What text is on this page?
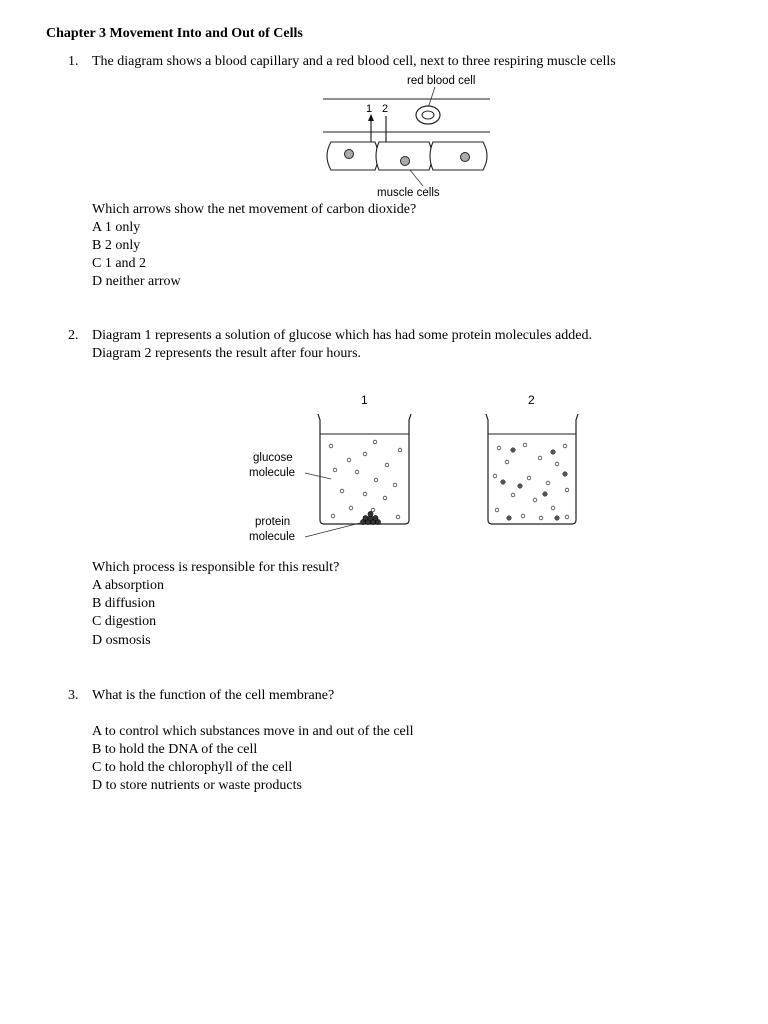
Chapter 3 Movement Into and Out of Cells
1. The diagram shows a blood capillary and a red blood cell, next to three respiring muscle cells
red blood cell
1 2
muscle cells
Which arrows show the net movement of carbon dioxide?
A 1 only
B 2 only
C 1 and 2
D neither arrow
2. Diagram 1 represents a solution of glucose which has had some protein molecules added.
Diagram 2 represents the result after four hours.
1	2
glucose
molecule
protein
molecule
Which process is responsible for this result?
A absorption
B diffusion
C digestion
D osmosis
3. What is the function of the cell membrane?
A to control which substances move in and out of the cell
B to hold the DNA of the cell
C to hold the chlorophyll of the cell
D to store nutrients or waste products
